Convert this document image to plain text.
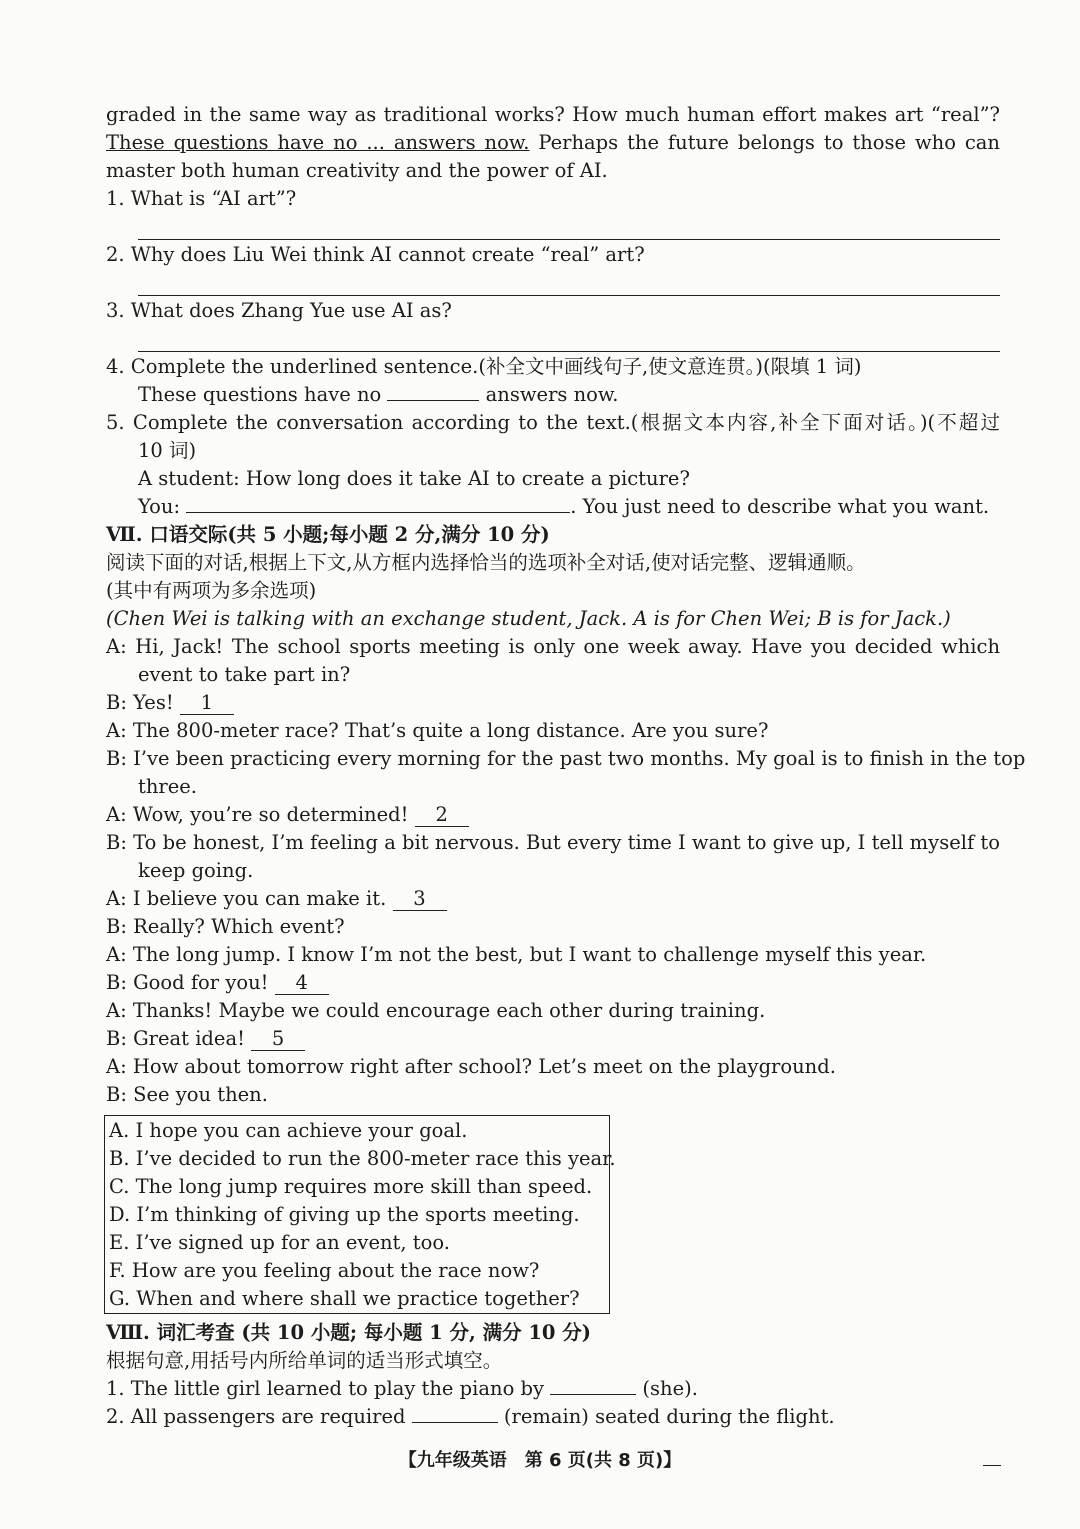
graded in the same way as traditional works? How much human effort makes art “real”?
These questions have no ... answers now. Perhaps the future belongs to those who can
master both human creativity and the power of AI.
1. What is “AI art”?
2. Why does Liu Wei think AI cannot create “real” art?
3. What does Zhang Yue use AI as?
4. Complete the underlined sentence.(补全文中画线句子,使文意连贯。)(限填 1 词)
These questions have no	answers now.
5. Complete the conversation according to the text.(根据文本内容,补全下面对话。)(不超过
10 词)
A student: How long does it take AI to create a picture?
You:	. You just need to describe what you want.
Ⅶ. 口语交际(共 5 小题;每小题 2 分,满分 10 分)
阅读下面的对话,根据上下文,从方框内选择恰当的选项补全对话,使对话完整、逻辑通顺。
(其中有两项为多余选项)
(Chen Wei is talking with an exchange student, Jack. A is for Chen Wei; B is for Jack.)
A: Hi, Jack! The school sports meeting is only one week away. Have you decided which
event to take part in?
B: Yes! 1
A: The 800-meter race? That’s quite a long distance. Are you sure?
B: I’ve been practicing every morning for the past two months. My goal is to finish in the top
three.
A: Wow, you’re so determined! 2
B: To be honest, I’m feeling a bit nervous. But every time I want to give up, I tell myself to
keep going.
A: I believe you can make it. 3
B: Really? Which event?
A: The long jump. I know I’m not the best, but I want to challenge myself this year.
B: Good for you! 4
A: Thanks! Maybe we could encourage each other during training.
B: Great idea! 5
A: How about tomorrow right after school? Let’s meet on the playground.
B: See you then.
A. I hope you can achieve your goal.
B. I’ve decided to run the 800-meter race this year.
C. The long jump requires more skill than speed.
D. I’m thinking of giving up the sports meeting.
E. I’ve signed up for an event, too.
F. How are you feeling about the race now?
G. When and where shall we practice together?
Ⅷ. 词汇考查 (共 10 小题; 每小题 1 分, 满分 10 分)
根据句意,用括号内所给单词的适当形式填空。
1. The little girl learned to play the piano by	(she).
2. All passengers are required	(remain) seated during the flight.
【九年级英语　第 6 页(共 8 页)】
